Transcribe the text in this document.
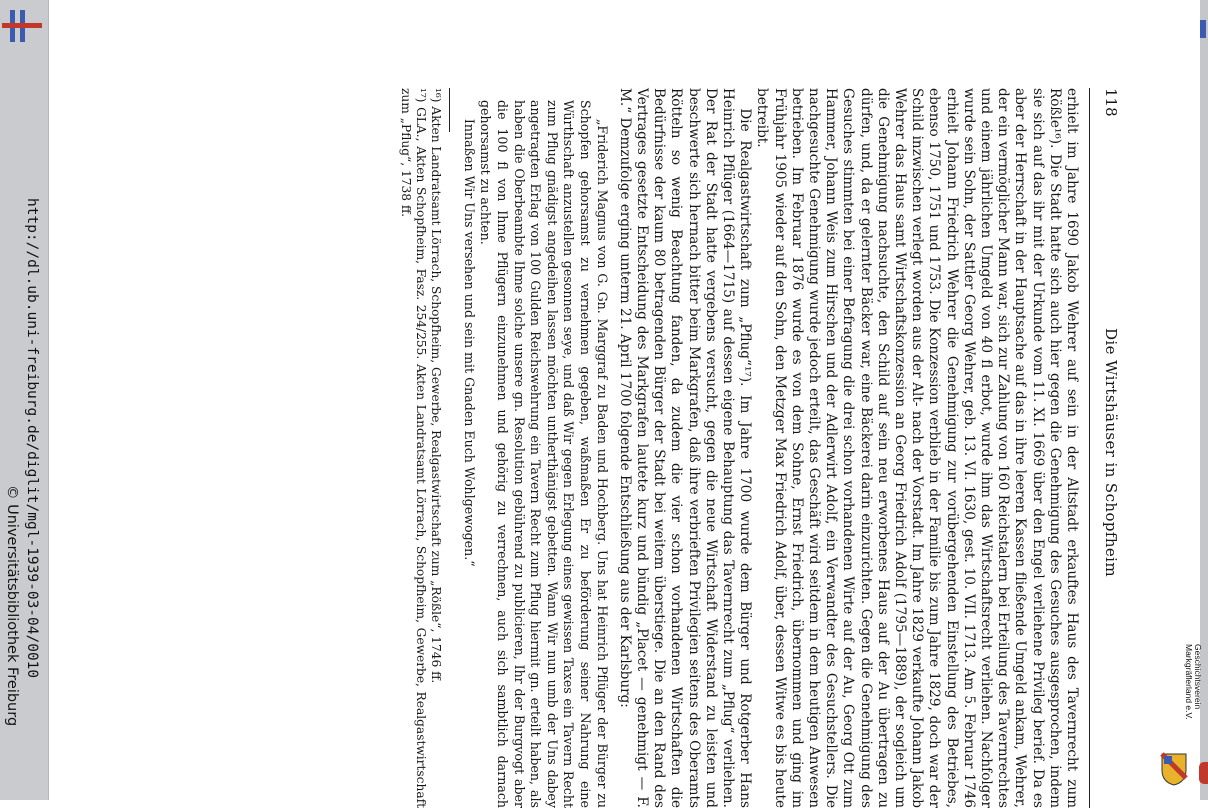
http://dl.ub.uni-freiburg.de/diglit/mgl-1939-03-04/0010
© Universitätsbibliothek Freiburg	Geschichtsverein
Markgräflerland e.V.
118
Die Wirtshäuser in Schopfheim

erhielt im Jahre 1690 Jakob Wehrer auf sein in der Altstadt erkauftes Haus des Tavernrecht zum Rößle¹⁶). Die Stadt hatte sich auch hier gegen die Genehmigung des Gesuches ausgesprochen, indem sie sich auf das ihr mit der Urkunde vom 11. XI. 1669 über den Engel verliehene Privileg berief. Da es aber der Herrschaft in der Hauptsache auf das in ihre leeren Kassen fließende Umgeld ankam, Wehrer, der ein vermöglicher Mann war, sich zur Zahlung von 160 Reichstalern bei Erteilung des Tavernrechtes und einem jährlichen Umgeld von 40 fl erbot, wurde ihm das Wirtschaftsrecht verliehen. Nachfolger wurde sein Sohn, der Sattler Georg Wehrer, geb. 13. VI. 1630, gest. 10. VII. 1713. Am 5. Februar 1746 erhielt Johann Friedrich Wehrer die Genehmigung zur vorübergehenden Einstellung des Betriebes, ebenso 1750, 1751 und 1753. Die Konzession verblieb in der Familie bis zum Jahre 1829, doch war der Schild inzwischen verlegt worden aus der Alt- nach der Vorstadt. Im Jahre 1829 verkaufte Johann Jakob Wehrer das Haus samt Wirtschaftskonzession an Georg Friedrich Adolf (1795—1889), der sogleich um die Genehmigung nachsuchte, den Schild auf sein neu erworbenes Haus auf der Au übertragen zu dürfen, und, da er gelernter Bäcker war, eine Bäckerei darin einzurichten. Gegen die Genehmigung des Gesuches stimmten bei einer Befragung die drei schon vorhandenen Wirte auf der Au, Georg Ott zum Hammer, Johann Weis zum Hirschen und der Adlerwirt Adolf, ein Verwandter des Gesuchstellers. Die nachgesuchte Genehmigung wurde jedoch erteilt, das Geschäft wird seitdem in dem heutigen Anwesen betrieben. Im Februar 1876 wurde es von dem Sohne, Ernst Friedrich, übernommen und ging im Frühjahr 1905 wieder auf den Sohn, den Metzger Max Friedrich Adolf, über, dessen Witwe es bis heute betreibt.

Die Realgastwirtschaft zum „Pflug“¹⁷). Im Jahre 1700 wurde dem Bürger und Rotgerber Hans Heinrich Pflüger (1664—1715) auf dessen eigene Behauptung das Tavernrecht zum „Pflug“ verliehen. Der Rat der Stadt hatte vergebens versucht, gegen die neue Wirtschaft Widerstand zu leisten und beschwerte sich hernach bitter beim Markgrafen, daß ihre verbrieften Privilegien seitens des Oberamts Rötteln so wenig Beachtung fanden, da zudem die vier schon vorhandenen Wirtschaften die Bedürfnisse der kaum 80 betragenden Bürger der Stadt bei weitem überstiege. Die an den Rand des Vertrages gesetzte Entscheidung des Markgrafen lautete kurz und bündig „Placet — genehmigt — F. M.“ Demzufolge erging unterm 21. April 1700 folgende Entschließung aus der Karlsburg:

„Friderich Magnus von G. Gn. Marggraf zu Baden und Hochberg. Uns hat Heinrich Pflüger der Bürger zu Schopfen gehorsamst zu vernehmen gegeben, waßmaßen Er zu beförderung seiner Nahrung eine Würthschaft anzustellen gesonnen seye, und daß Wir gegen Erlegung eines gewissen Taxes ein Tavern Recht zum Pflug gnädigst angedeihen lassen möchten untherthänigst gebetten. Wann Wir nun umb der Uns dabey angetragten Erlag von 100 Gulden Reichswehrung ein Tavern Recht zum Pflug hiermit gn. erteilt haben, als haben die Oberbeambte Ihme solche unsere gn. Resolution gebührend zu publicieren, Ihr der Burgvogt aber die 100 fl von Ihme Pflügern einzunehmen und gehörig zu verrechnen, auch sich sambtlich darnach gehorsamst zu achten.

Innaßen Wir Uns versehen und sein mit Gnaden Euch Wohlgewogen.“

¹⁶) Akten Landratsamt Lörrach, Schopfheim, Gewerbe, Realgastwirtschaft zum „Rößle“, 1746 ff.
¹⁷) GLA., Akten Schopfheim, Fasz. 254/255. Akten Landratsamt Lörrach, Schopfheim, Gewerbe, Realgastwirtschaft zum „Pflug“, 1738 ff.
